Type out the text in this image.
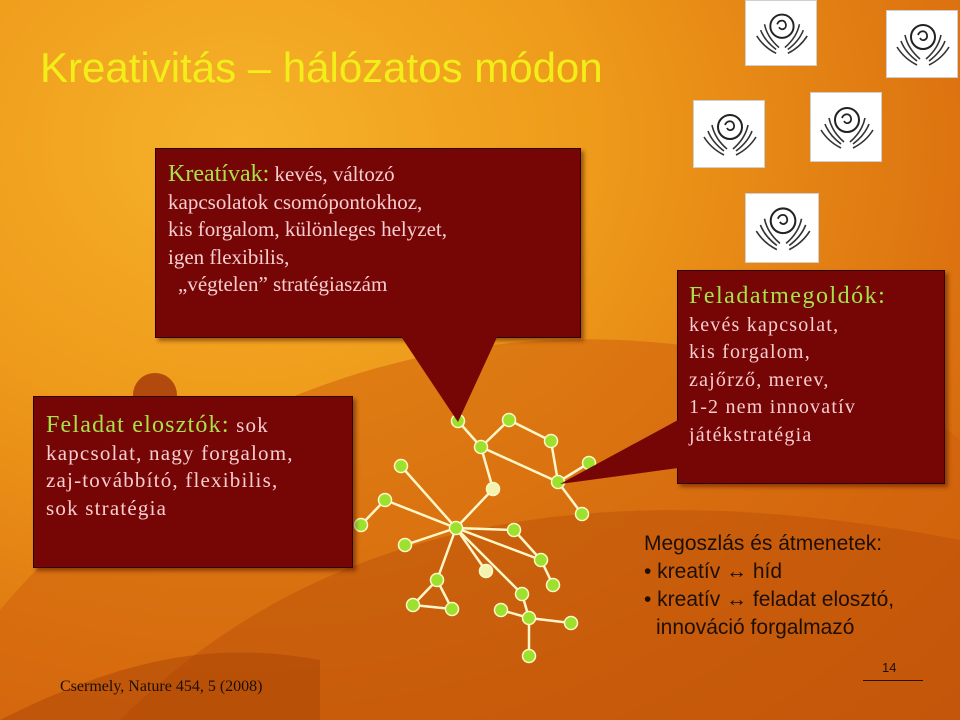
Kreativitás – hálózatos módon

Kreatívak: kevés, változó
kapcsolatok csomópontokhoz,
kis forgalom, különleges helyzet,
igen flexibilis,
„végtelen” stratégiaszám

Feladat elosztók: sok
kapcsolat, nagy forgalom,
zaj-továbbító, flexibilis,
sok stratégia

Feladatmegoldók:
kevés kapcsolat,
kis forgalom,
zajőrző, merev,
1-2 nem innovatív
játékstratégia

Megoszlás és átmenetek:
• kreatív ↔ híd
• kreatív ↔ feladat elosztó,
innováció forgalmazó
Csermely, Nature 454, 5 (2008)
14
